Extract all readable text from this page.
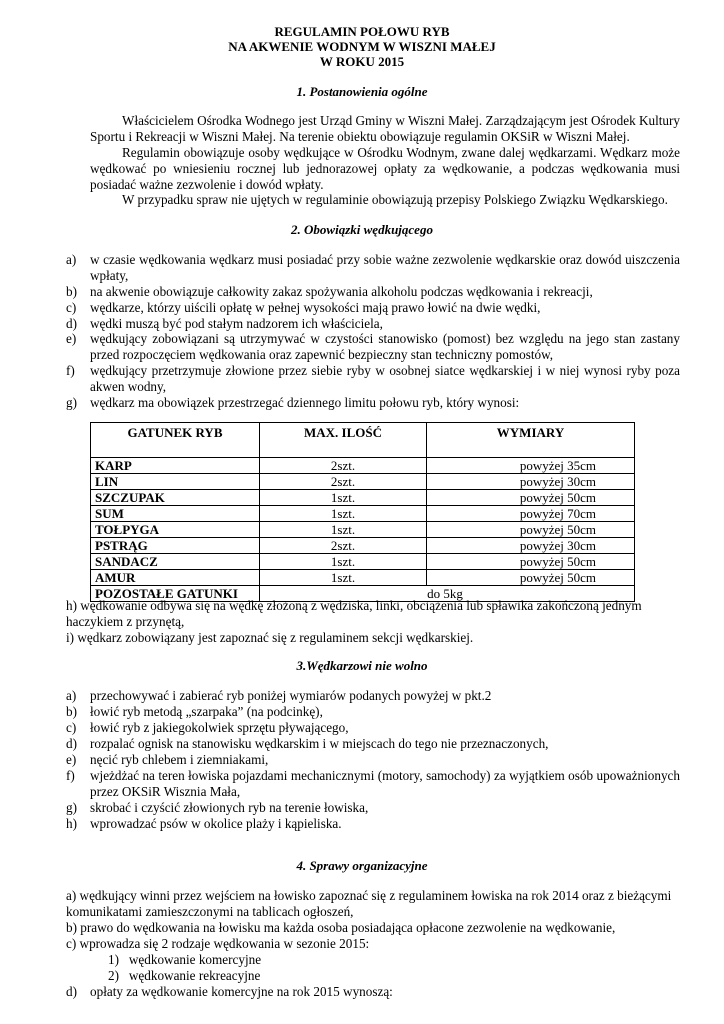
REGULAMIN POŁOWU RYB
NA AKWENIE WODNYM W WISZNI MAŁEJ
W ROKU 2015
1. Postanowienia ogólne
Właścicielem Ośrodka Wodnego jest Urząd Gminy w Wiszni Małej. Zarządzającym jest Ośrodek Kultury Sportu i Rekreacji w Wiszni Małej. Na terenie obiektu obowiązuje regulamin OKSiR w Wiszni Małej.
Regulamin obowiązuje osoby wędkujące w Ośrodku Wodnym, zwane dalej wędkarzami. Wędkarz może wędkować po wniesieniu rocznej lub jednorazowej opłaty za wędkowanie, a podczas wędkowania musi posiadać ważne zezwolenie i dowód wpłaty.
W przypadku spraw nie ujętych w regulaminie obowiązują przepisy Polskiego Związku Wędkarskiego.
2. Obowiązki wędkującego
a) w czasie wędkowania wędkarz musi posiadać przy sobie ważne zezwolenie wędkarskie oraz dowód uiszczenia wpłaty,
b) na akwenie obowiązuje całkowity zakaz spożywania alkoholu podczas wędkowania i rekreacji,
c) wędkarze, którzy uiścili opłatę w pełnej wysokości mają prawo łowić na dwie wędki,
d) wędki muszą być pod stałym nadzorem ich właściciela,
e) wędkujący zobowiązani są utrzymywać w czystości stanowisko (pomost) bez względu na jego stan zastany przed rozpoczęciem wędkowania oraz zapewnić bezpieczny stan techniczny pomostów,
f) wędkujący przetrzymuje złowione przez siebie ryby w osobnej siatce wędkarskiej i w niej wynosi ryby poza akwen wodny,
g) wędkarz ma obowiązek przestrzegać dziennego limitu połowu ryb, który wynosi:
GATUNEK RYB	MAX. ILOŚĆ	WYMIARY
KARP	2szt.	powyżej 35cm
LIN	2szt.	powyżej 30cm
SZCZUPAK	1szt.	powyżej 50cm
SUM	1szt.	powyżej 70cm
TOŁPYGA	1szt.	powyżej 50cm
PSTRĄG	2szt.	powyżej 30cm
SANDACZ	1szt.	powyżej 50cm
AMUR	1szt.	powyżej 50cm
POZOSTAŁE GATUNKI	do 5kg	
h) wędkowanie odbywa się na wędkę złożoną z wędziska, linki, obciążenia lub spławika zakończoną jednym haczykiem z przynętą,
i) wędkarz zobowiązany jest zapoznać się z regulaminem sekcji wędkarskiej.
3.Wędkarzowi nie wolno
a) przechowywać i zabierać ryb poniżej wymiarów podanych powyżej w pkt.2
b) łowić ryb metodą „szarpaka” (na podcinkę),
c) łowić ryb z jakiegokolwiek sprzętu pływającego,
d) rozpalać ognisk na stanowisku wędkarskim i w miejscach do tego nie przeznaczonych,
e) nęcić ryb chlebem i ziemniakami,
f) wjeżdżać na teren łowiska pojazdami mechanicznymi (motory, samochody) za wyjątkiem osób upoważnionych przez OKSiR Wisznia Mała,
g) skrobać i czyścić złowionych ryb na terenie łowiska,
h) wprowadzać psów w okolice plaży i kąpieliska.
4. Sprawy organizacyjne
a) wędkujący winni przez wejściem na łowisko zapoznać się z regulaminem łowiska na rok 2014 oraz z bieżącymi komunikatami zamieszczonymi na tablicach ogłoszeń,
b) prawo do wędkowania na łowisku ma każda osoba posiadająca opłacone zezwolenie na wędkowanie,
c) wprowadza się 2 rodzaje wędkowania w sezonie 2015:
1) wędkowanie komercyjne
2) wędkowanie rekreacyjne
d) opłaty za wędkowanie komercyjne na rok 2015 wynoszą:
